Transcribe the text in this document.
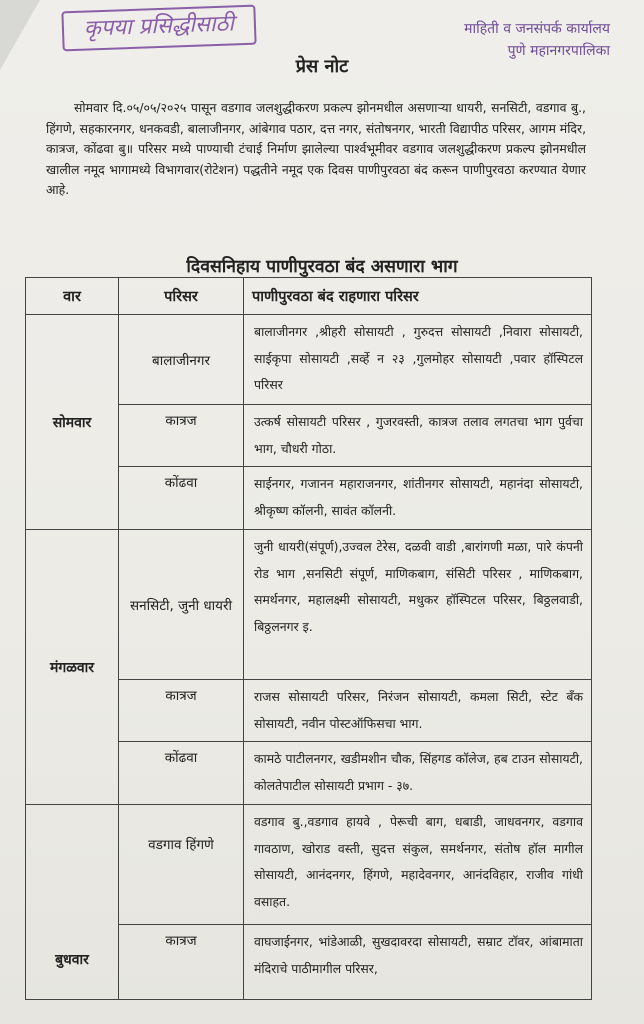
कृपया प्रसिद्धीसाठी	माहिती व जनसंपर्क कार्यालय
पुणे महानगरपालिका
प्रेस नोट
सोमवार दि.०५/०५/२०२५ पासून वडगाव जलशुद्धीकरण प्रकल्प झोनमधील असणाऱ्या धायरी, सनसिटी, वडगाव बु., हिंगणे, सहकारनगर, धनकवडी, बालाजीनगर, आंबेगाव पठार, दत्त नगर, संतोषनगर, भारती विद्यापीठ परिसर, आगम मंदिर, कात्रज, कोंढवा बु॥ परिसर मध्ये पाण्याची टंचाई निर्माण झालेल्या पार्श्वभूमीवर वडगाव जलशुद्धीकरण प्रकल्प झोनमधील खालील नमूद भागामध्ये विभागवार(रोटेशन) पद्धतीने नमूद एक दिवस पाणीपुरवठा बंद करून पाणीपुरवठा करण्यात येणार आहे.
दिवसनिहाय पाणीपुरवठा बंद असणारा भाग
वार	परिसर	पाणीपुरवठा बंद राहणारा परिसर
सोमवार	बालाजीनगर	बालाजीनगर ,श्रीहरी सोसायटी , गुरुदत्त सोसायटी ,निवारा सोसायटी, साईकृपा सोसायटी ,सर्व्हे न २३ ,गुलमोहर सोसायटी ,पवार हॉस्पिटल परिसर
	कात्रज	उत्कर्ष सोसायटी परिसर , गुजरवस्ती, कात्रज तलाव लगतचा भाग पुर्वचा भाग, चौधरी गोठा.
	कोंढवा	साईनगर, गजानन महाराजनगर, शांतीनगर सोसायटी, महानंदा सोसायटी, श्रीकृष्ण कॉलनी, सावंत कॉलनी.
मंगळवार	सनसिटी, जुनी धायरी	जुनी धायरी(संपूर्ण),उज्वल टेरेस, दळवी वाडी ,बारांगणी मळा, पारे कंपनी रोड भाग ,सनसिटी संपूर्ण, माणिकबाग, संसिटी परिसर , माणिकबाग, समर्थनगर, महालक्ष्मी सोसायटी, मधुकर हॉस्पिटल परिसर, बिठ्ठलवाडी, बिठ्ठलनगर इ.
	कात्रज	राजस सोसायटी परिसर, निरंजन सोसायटी, कमला सिटी, स्टेट बँक सोसायटी, नवीन पोस्टऑफिसचा भाग.
	कोंढवा	कामठे पाटीलनगर, खडीमशीन चौक, सिंहगड कॉलेज, हब टाउन सोसायटी, कोलतेपाटील सोसायटी प्रभाग - ३७.
बुधवार	वडगाव हिंगणे	वडगाव बु.,वडगाव हायवे , पेरूची बाग, धबाडी, जाधवनगर, वडगाव गावठाण, खोराड वस्ती, सुदत्त संकुल, समर्थनगर, संतोष हॉल मागील सोसायटी, आनंदनगर, हिंगणे, महादेवनगर, आनंदविहार, राजीव गांधी वसाहत.
	कात्रज	वाघजाईनगर, भांडेआळी, सुखदावरदा सोसायटी, सम्राट टॉवर, आंबामाता मंदिराचे पाठीमागील परिसर,
